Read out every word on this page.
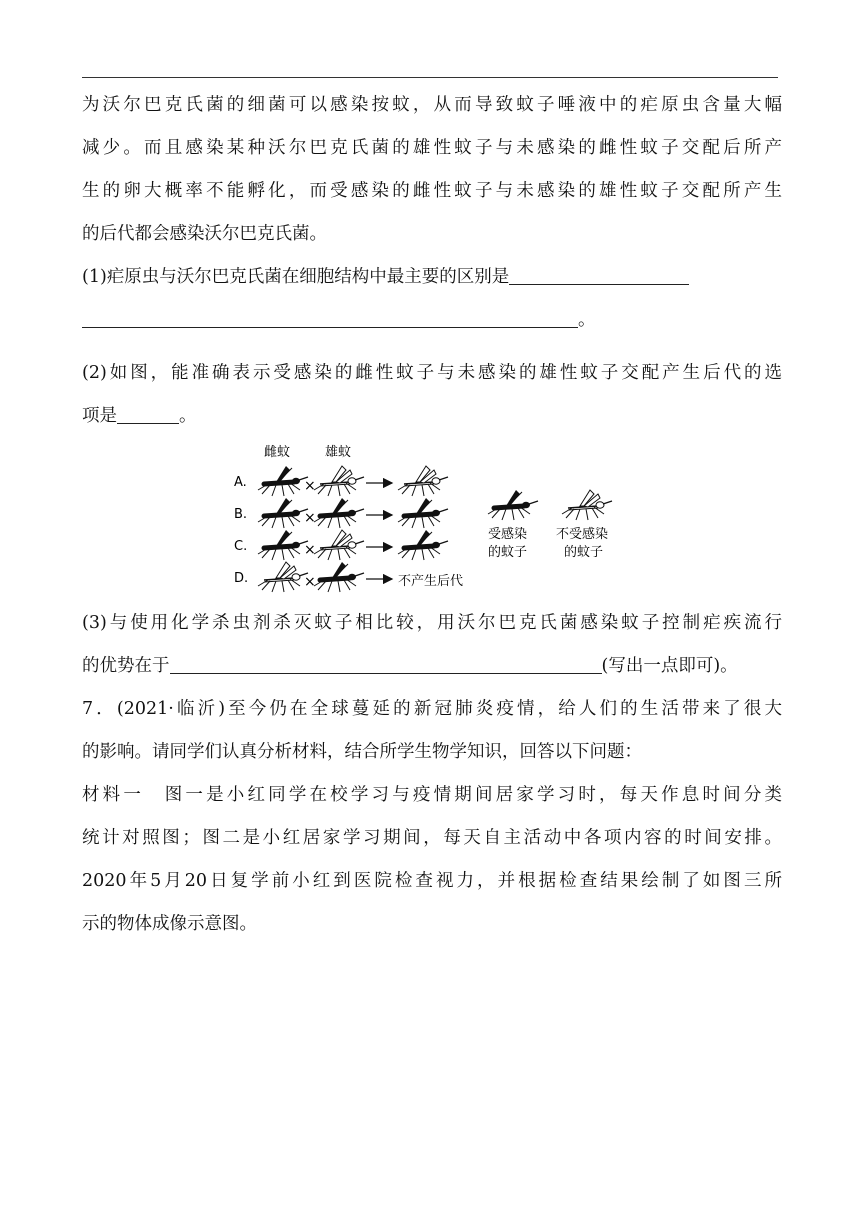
为沃尔巴克氏菌的细菌可以感染按蚊，从而导致蚊子唾液中的疟原虫含量大幅
减少。而且感染某种沃尔巴克氏菌的雄性蚊子与未感染的雌性蚊子交配后所产
生的卵大概率不能孵化，而受感染的雌性蚊子与未感染的雄性蚊子交配所产生
的后代都会感染沃尔巴克氏菌。
(1)疟原虫与沃尔巴克氏菌在细胞结构中最主要的区别是
。
(2)如图，能准确表示受感染的雌性蚊子与未感染的雄性蚊子交配产生后代的选
项是	。
雌蚊	雄蚊
A.	×
B.	×
C.	×
D.	×	不产生后代
受感染
的蚊子
不受感染
的蚊子
(3)与使用化学杀虫剂杀灭蚊子相比较，用沃尔巴克氏菌感染蚊子控制疟疾流行
的优势在于	(写出一点即可)。
7．(2021·临沂)至今仍在全球蔓延的新冠肺炎疫情，给人们的生活带来了很大
的影响。请同学们认真分析材料，结合所学生物学知识，回答以下问题：
材料一　图一是小红同学在校学习与疫情期间居家学习时，每天作息时间分类
统计对照图；图二是小红居家学习期间，每天自主活动中各项内容的时间安排。
2020年5月20日复学前小红到医院检查视力，并根据检查结果绘制了如图三所
示的物体成像示意图。
